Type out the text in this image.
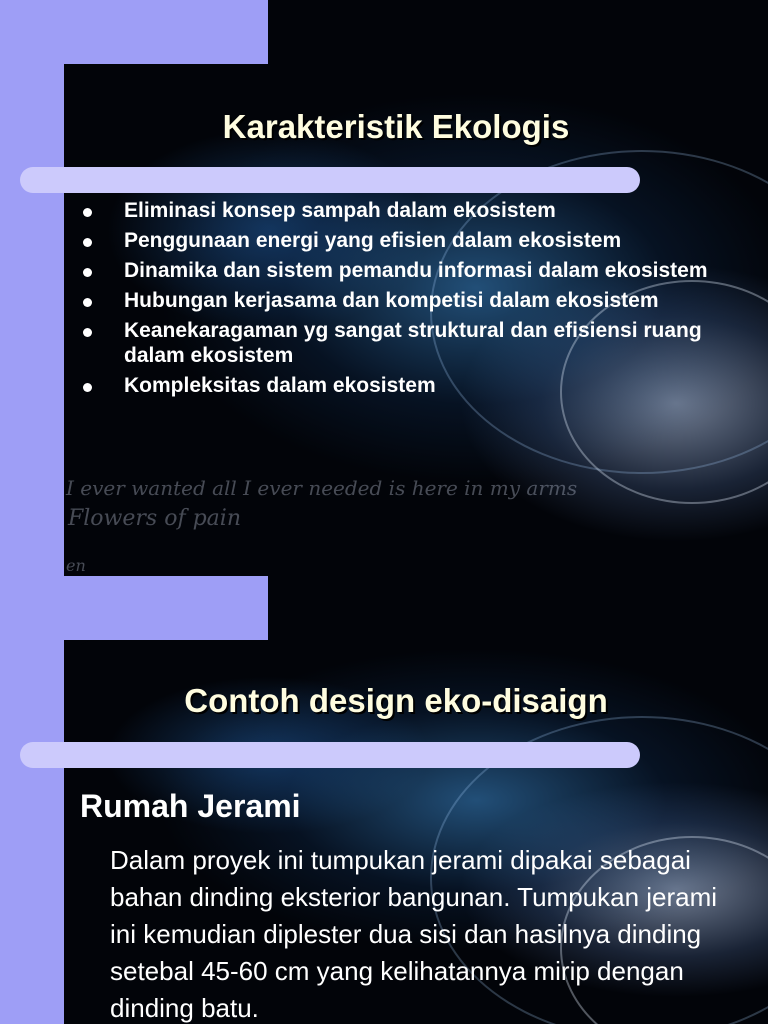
Karakteristik Ekologis
Eliminasi konsep sampah dalam ekosistem
Penggunaan energi yang efisien dalam ekosistem
Dinamika dan sistem pemandu informasi dalam ekosistem
Hubungan kerjasama dan kompetisi dalam ekosistem
Keanekaragaman yg sangat struktural dan efisiensi ruang dalam ekosistem
Kompleksitas dalam ekosistem
I ever wanted all I ever needed is here in my arms
Flowers of pain
en
Contoh design eko-disaign
Rumah Jerami
Dalam proyek ini tumpukan jerami dipakai sebagai bahan dinding eksterior bangunan. Tumpukan jerami ini kemudian diplester dua sisi dan hasilnya dinding setebal 45-60 cm yang kelihatannya mirip dengan dinding batu.
